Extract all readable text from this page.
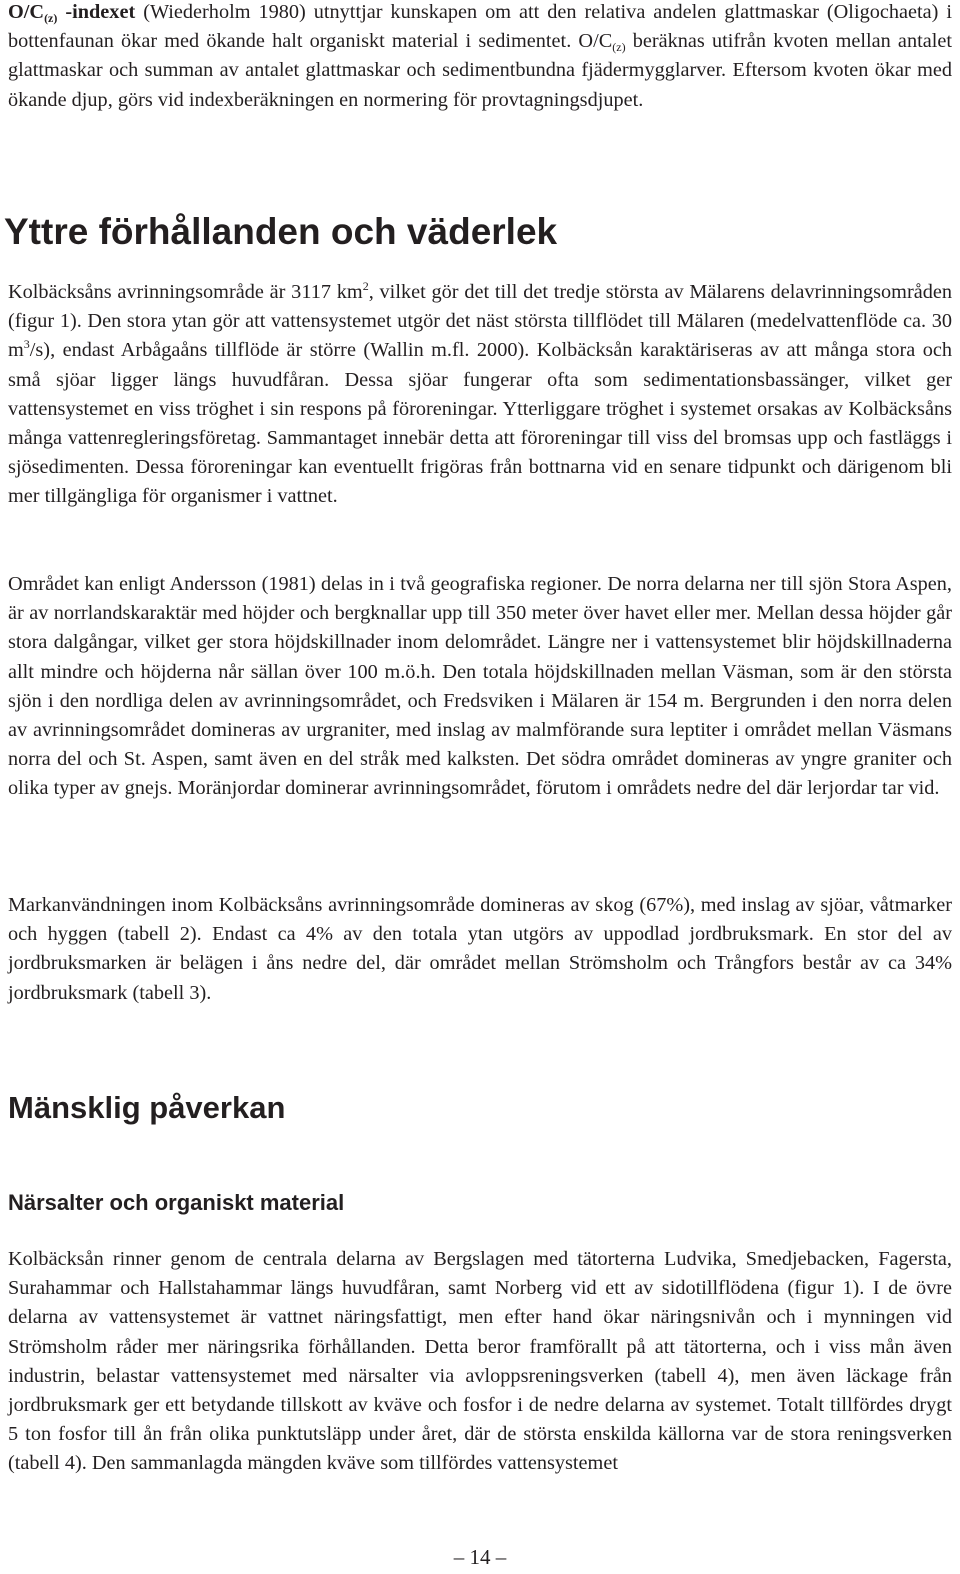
$O/C_{(z)}$ -indexet (Wiederholm 1980) utnyttjar kunskapen om att den relativa andelen glattmaskar (Oligochaeta) i bottenfaunan ökar med ökande halt organiskt material i sedimentet. $O/C_{(z)}$ beräknas utifrån kvoten mellan antalet glattmaskar och summan av antalet glattmaskar och sedimentbundna fjädermygglarver. Eftersom kvoten ökar med ökande djup, görs vid indexberäkningen en normering för provtagningsdjupet.

Yttre förhållanden och väderlek

Kolbäcksåns avrinningsområde är 3117 $km^2$, vilket gör det till det tredje största av Mälarens delavrinningsområden (figur 1). Den stora ytan gör att vattensystemet utgör det näst största tillflödet till Mälaren (medelvattenflöde ca. 30 $m^3/s$), endast Arbågaåns tillflöde är större (Wallin m.fl. 2000). Kolbäcksån karaktäriseras av att många stora och små sjöar ligger längs huvudfåran. Dessa sjöar fungerar ofta som sedimentationsbassänger, vilket ger vattensystemet en viss tröghet i sin respons på föroreningar. Ytterliggare tröghet i systemet orsakas av Kolbäcksåns många vattenregleringsföretag. Sammantaget innebär detta att föroreningar till viss del bromsas upp och fastläggs i sjösedimenten. Dessa föroreningar kan eventuellt frigöras från bottnarna vid en senare tidpunkt och därigenom bli mer tillgängliga för organismer i vattnet.

Området kan enligt Andersson (1981) delas in i två geografiska regioner. De norra delarna ner till sjön Stora Aspen, är av norrlandskaraktär med höjder och bergknallar upp till 350 meter över havet eller mer. Mellan dessa höjder går stora dalgångar, vilket ger stora höjdskillnader inom delområdet. Längre ner i vattensystemet blir höjdskillnaderna allt mindre och höjderna når sällan över 100 m.ö.h. Den totala höjdskillnaden mellan Väsman, som är den största sjön i den nordliga delen av avrinningsområdet, och Fredsviken i Mälaren är 154 m. Bergrunden i den norra delen av avrinningsområdet domineras av urgraniter, med inslag av malmförande sura leptiter i området mellan Väsmans norra del och St. Aspen, samt även en del stråk med kalksten. Det södra området domineras av yngre graniter och olika typer av gnejs. Moränjordar dominerar avrinningsområdet, förutom i områdets nedre del där lerjordar tar vid.

Markanvändningen inom Kolbäcksåns avrinningsområde domineras av skog (67%), med inslag av sjöar, våtmarker och hyggen (tabell 2). Endast ca 4% av den totala ytan utgörs av uppodlad jordbruksmark. En stor del av jordbruksmarken är belägen i åns nedre del, där området mellan Strömsholm och Trångfors består av ca 34% jordbruksmark (tabell 3).

Mänsklig påverkan
Närsalter och organiskt material

Kolbäcksån rinner genom de centrala delarna av Bergslagen med tätorterna Ludvika, Smedjebacken, Fagersta, Surahammar och Hallstahammar längs huvudfåran, samt Norberg vid ett av sidotillflödena (figur 1). I de övre delarna av vattensystemet är vattnet näringsfattigt, men efter hand ökar näringsnivån och i mynningen vid Strömsholm råder mer näringsrika förhållanden. Detta beror framförallt på att tätorterna, och i viss mån även industrin, belastar vattensystemet med närsalter via avloppsreningsverken (tabell 4), men även läckage från jordbruksmark ger ett betydande tillskott av kväve och fosfor i de nedre delarna av systemet. Totalt tillfördes drygt 5 ton fosfor till ån från olika punktutsläpp under året, där de största enskilda källorna var de stora reningsverken (tabell 4). Den sammanlagda mängden kväve som tillfördes vattensystemet

– 14 –
